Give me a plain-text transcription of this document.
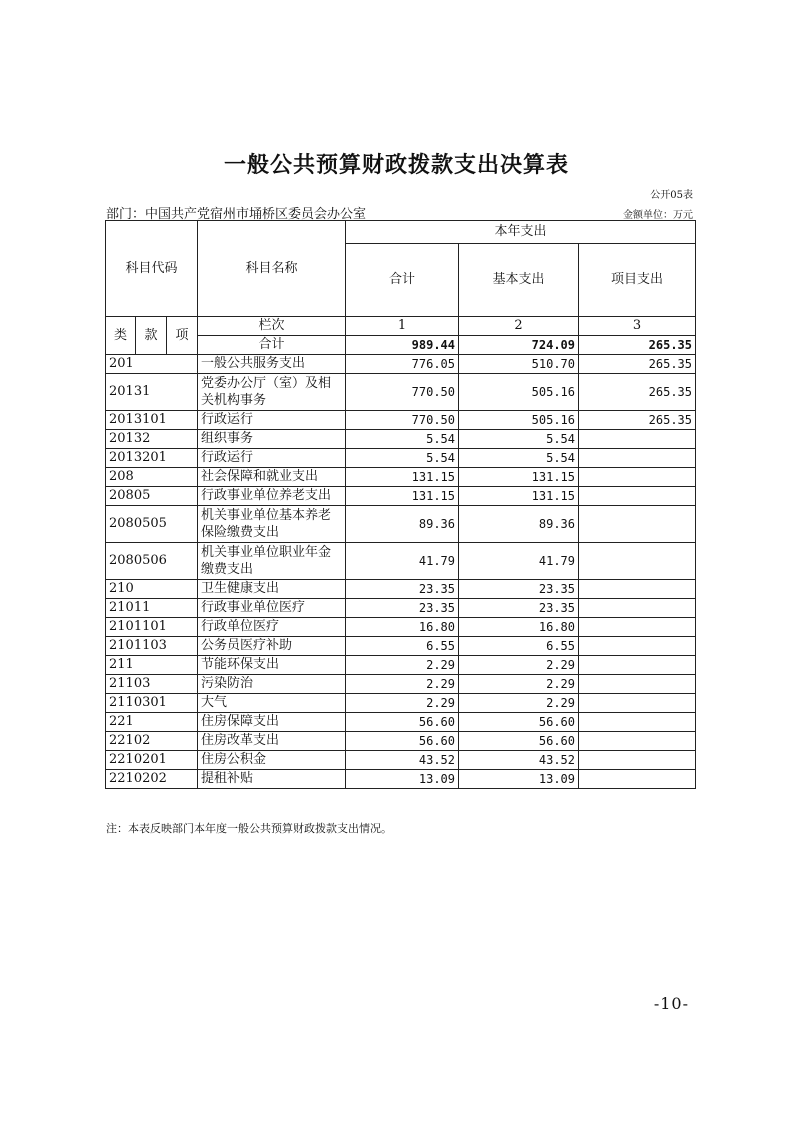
一般公共预算财政拨款支出决算表
公开05表
部门：中国共产党宿州市埇桥区委员会办公室	金额单位：万元
科目代码			科目名称	本年支出		
				合计	基本支出	项目支出
类	款	项	栏次	1	2	3
			合计	989.44	724.09	265.35
201			一般公共服务支出	776.05	510.70	265.35
20131			党委办公厅（室）及相关机构事务	770.50	505.16	265.35
2013101			行政运行	770.50	505.16	265.35
20132			组织事务	5.54	5.54	
2013201			行政运行	5.54	5.54	
208			社会保障和就业支出	131.15	131.15	
20805			行政事业单位养老支出	131.15	131.15	
2080505			机关事业单位基本养老保险缴费支出	89.36	89.36	
2080506			机关事业单位职业年金缴费支出	41.79	41.79	
210			卫生健康支出	23.35	23.35	
21011			行政事业单位医疗	23.35	23.35	
2101101			行政单位医疗	16.80	16.80	
2101103			公务员医疗补助	6.55	6.55	
211			节能环保支出	2.29	2.29	
21103			污染防治	2.29	2.29	
2110301			大气	2.29	2.29	
221			住房保障支出	56.60	56.60	
22102			住房改革支出	56.60	56.60	
2210201			住房公积金	43.52	43.52	
2210202			提租补贴	13.09	13.09	
注：本表反映部门本年度一般公共预算财政拨款支出情况。
-10-
